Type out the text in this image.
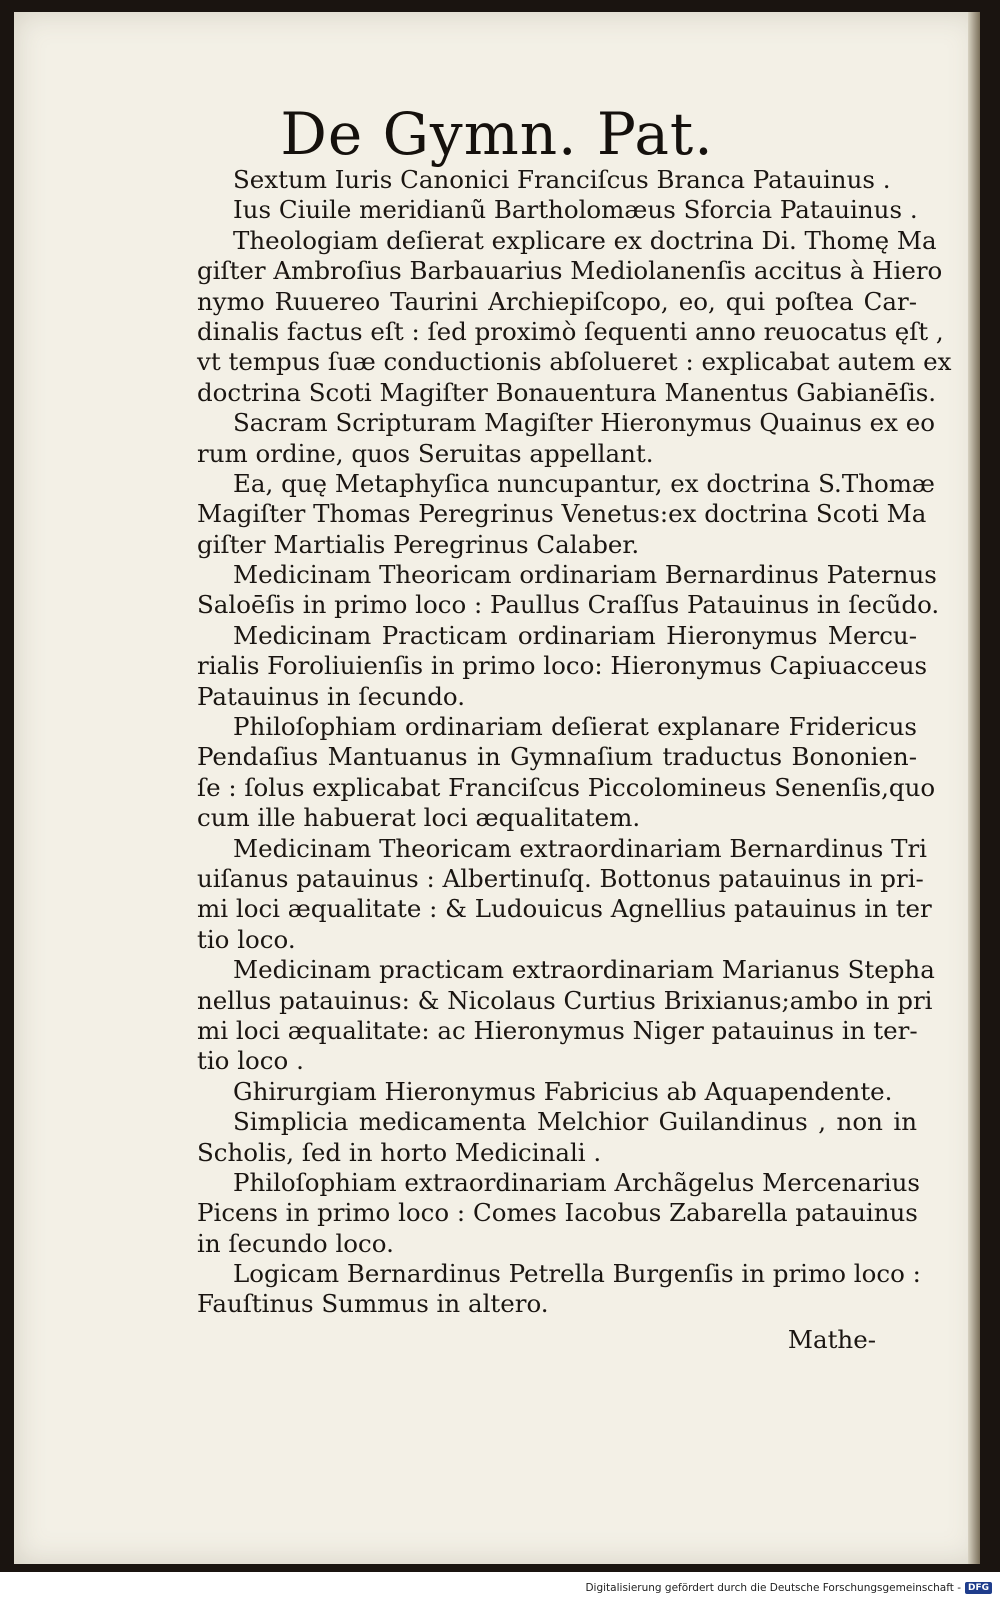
De Gymn. Pat.
Sextum Iuris Canonici Franciſcus Branca Patauinus .
Ius Ciuile meridianũ Bartholomæus Sforcia Patauinus .
Theologiam deſierat explicare ex doctrina Di. Thomę Ma
giſter Ambroſius Barbauarius Mediolanenſis accitus à Hiero
nymo Ruuereo Taurini Archiepiſcopo, eo, qui poſtea Car-
dinalis factus eſt : ſed proximò ſequenti anno reuocatus ęſt ,
vt tempus ſuæ conductionis abſolueret : explicabat autem ex
doctrina Scoti Magiſter Bonauentura Manentus Gabianēſis.
Sacram Scripturam Magiſter Hieronymus Quainus ex eo
rum ordine, quos Seruitas appellant.
Ea, quę Metaphyſica nuncupantur, ex doctrina S.Thomæ
Magiſter Thomas Peregrinus Venetus:ex doctrina Scoti Ma
giſter Martialis Peregrinus Calaber.
Medicinam Theoricam ordinariam Bernardinus Paternus
Saloēſis in primo loco : Paullus Craſſus Patauinus in ſecũdo.
Medicinam Practicam ordinariam Hieronymus Mercu-
rialis Foroliuienſis in primo loco: Hieronymus Capiuacceus
Patauinus in ſecundo.
Philoſophiam ordinariam deſierat explanare Fridericus
Pendaſius Mantuanus in Gymnaſium traductus Bononien-
ſe : ſolus explicabat Franciſcus Piccolomineus Senenſis,quo
cum ille habuerat loci æqualitatem.
Medicinam Theoricam extraordinariam Bernardinus Tri
uiſanus patauinus : Albertinuſq. Bottonus patauinus in pri-
mi loci æqualitate : & Ludouicus Agnellius patauinus in ter
tio loco.
Medicinam practicam extraordinariam Marianus Stepha
nellus patauinus: & Nicolaus Curtius Brixianus;ambo in pri
mi loci æqualitate: ac Hieronymus Niger patauinus in ter-
tio loco .
Ghirurgiam Hieronymus Fabricius ab Aquapendente.
Simplicia medicamenta Melchior Guilandinus , non in
Scholis, ſed in horto Medicinali .
Philoſophiam extraordinariam Archãgelus Mercenarius
Picens in primo loco : Comes Iacobus Zabarella patauinus
in ſecundo loco.
Logicam Bernardinus Petrella Burgenſis in primo loco :
Fauſtinus Summus in altero.
Mathe-
Digitalisierung gefördert durch die Deutsche Forschungsgemeinschaft - DFG
